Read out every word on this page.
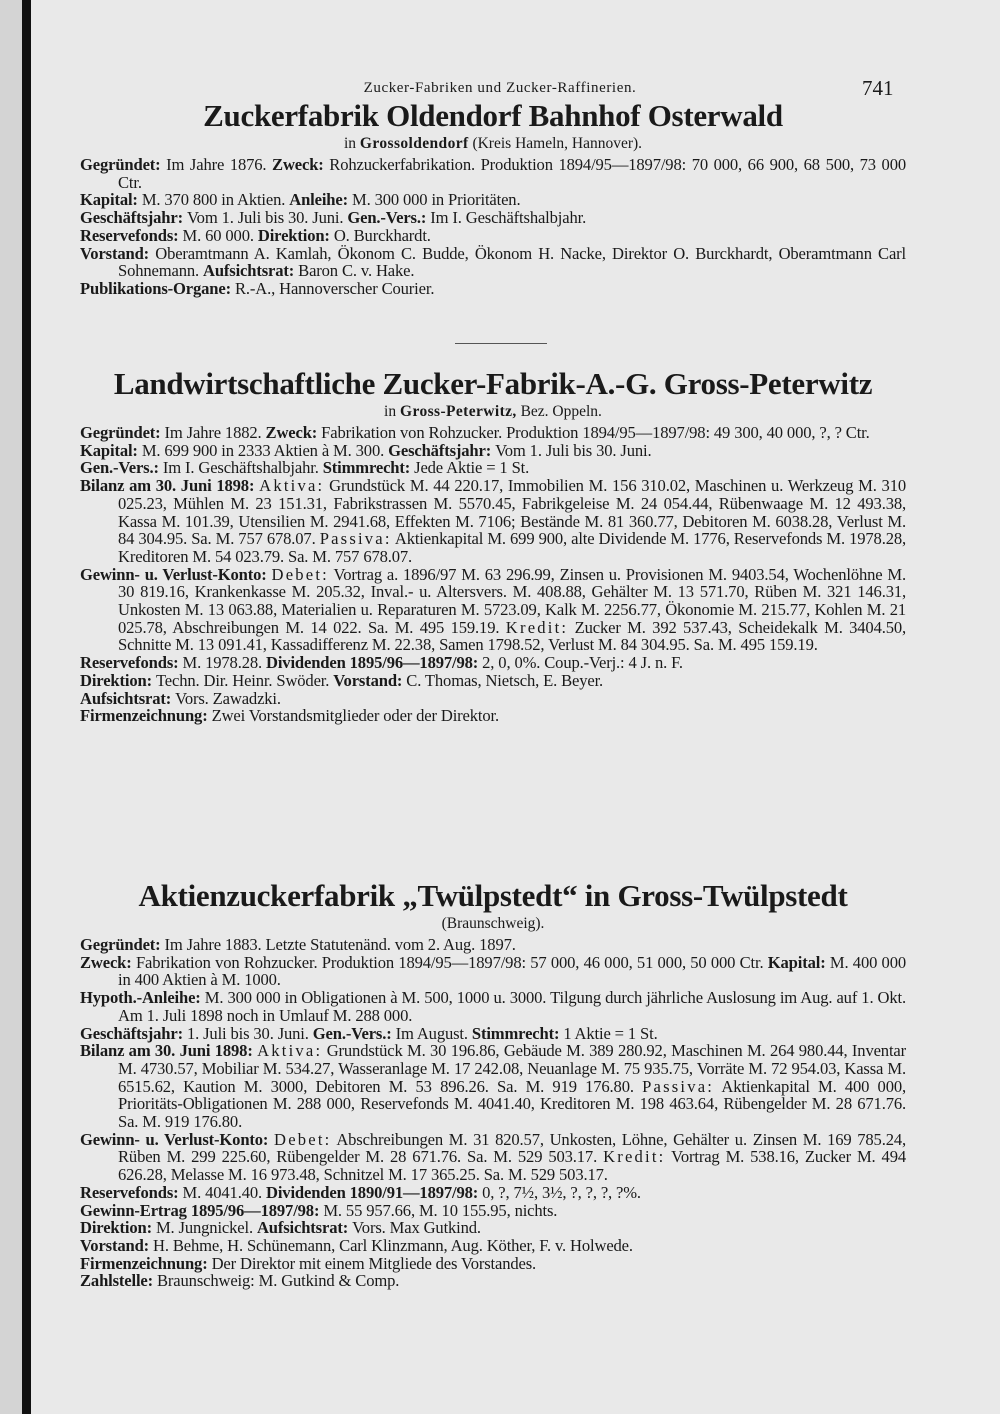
Zucker-Fabriken und Zucker-Raffinerien.	741
Zuckerfabrik Oldendorf Bahnhof Osterwald
in Grossoldendorf (Kreis Hameln, Hannover).
Gegründet: Im Jahre 1876. Zweck: Rohzuckerfabrikation. Produktion 1894/95—1897/98: 70 000, 66 900, 68 500, 73 000 Ctr.
Kapital: M. 370 800 in Aktien. Anleihe: M. 300 000 in Prioritäten.
Geschäftsjahr: Vom 1. Juli bis 30. Juni. Gen.-Vers.: Im I. Geschäftshalbjahr.
Reservefonds: M. 60 000. Direktion: O. Burckhardt.
Vorstand: Oberamtmann A. Kamlah, Ökonom C. Budde, Ökonom H. Nacke, Direktor O. Burckhardt, Oberamtmann Carl Sohnemann. Aufsichtsrat: Baron C. v. Hake.
Publikations-Organe: R.-A., Hannoverscher Courier.
Landwirtschaftliche Zucker-Fabrik-A.-G. Gross-Peterwitz
in Gross-Peterwitz, Bez. Oppeln.
Gegründet: Im Jahre 1882. Zweck: Fabrikation von Rohzucker. Produktion 1894/95—1897/98: 49 300, 40 000, ?, ? Ctr.
Kapital: M. 699 900 in 2333 Aktien à M. 300. Geschäftsjahr: Vom 1. Juli bis 30. Juni.
Gen.-Vers.: Im I. Geschäftshalbjahr. Stimmrecht: Jede Aktie = 1 St.
Bilanz am 30. Juni 1898: Aktiva: Grundstück M. 44 220.17, Immobilien M. 156 310.02, Maschinen u. Werkzeug M. 310 025.23, Mühlen M. 23 151.31, Fabrikstrassen M. 5570.45, Fabrikgeleise M. 24 054.44, Rübenwaage M. 12 493.38, Kassa M. 101.39, Utensilien M. 2941.68, Effekten M. 7106; Bestände M. 81 360.77, Debitoren M. 6038.28, Verlust M. 84 304.95. Sa. M. 757 678.07. Passiva: Aktienkapital M. 699 900, alte Dividende M. 1776, Reservefonds M. 1978.28, Kreditoren M. 54 023.79. Sa. M. 757 678.07.
Gewinn- u. Verlust-Konto: Debet: Vortrag a. 1896/97 M. 63 296.99, Zinsen u. Provisionen M. 9403.54, Wochenlöhne M. 30 819.16, Krankenkasse M. 205.32, Inval.- u. Altersvers. M. 408.88, Gehälter M. 13 571.70, Rüben M. 321 146.31, Unkosten M. 13 063.88, Materialien u. Reparaturen M. 5723.09, Kalk M. 2256.77, Ökonomie M. 215.77, Kohlen M. 21 025.78, Abschreibungen M. 14 022. Sa. M. 495 159.19. Kredit: Zucker M. 392 537.43, Scheidekalk M. 3404.50, Schnitte M. 13 091.41, Kassadifferenz M. 22.38, Samen 1798.52, Verlust M. 84 304.95. Sa. M. 495 159.19.
Reservefonds: M. 1978.28. Dividenden 1895/96—1897/98: 2, 0, 0%. Coup.-Verj.: 4 J. n. F.
Direktion: Techn. Dir. Heinr. Swöder. Vorstand: C. Thomas, Nietsch, E. Beyer.
Aufsichtsrat: Vors. Zawadzki.
Firmenzeichnung: Zwei Vorstandsmitglieder oder der Direktor.
Aktienzuckerfabrik „Twülpstedt“ in Gross-Twülpstedt
(Braunschweig).
Gegründet: Im Jahre 1883. Letzte Statutenänd. vom 2. Aug. 1897.
Zweck: Fabrikation von Rohzucker. Produktion 1894/95—1897/98: 57 000, 46 000, 51 000, 50 000 Ctr. Kapital: M. 400 000 in 400 Aktien à M. 1000.
Hypoth.-Anleihe: M. 300 000 in Obligationen à M. 500, 1000 u. 3000. Tilgung durch jährliche Auslosung im Aug. auf 1. Okt. Am 1. Juli 1898 noch in Umlauf M. 288 000.
Geschäftsjahr: 1. Juli bis 30. Juni. Gen.-Vers.: Im August. Stimmrecht: 1 Aktie = 1 St.
Bilanz am 30. Juni 1898: Aktiva: Grundstück M. 30 196.86, Gebäude M. 389 280.92, Maschinen M. 264 980.44, Inventar M. 4730.57, Mobiliar M. 534.27, Wasseranlage M. 17 242.08, Neuanlage M. 75 935.75, Vorräte M. 72 954.03, Kassa M. 6515.62, Kaution M. 3000, Debitoren M. 53 896.26. Sa. M. 919 176.80. Passiva: Aktienkapital M. 400 000, Prioritäts-Obligationen M. 288 000, Reservefonds M. 4041.40, Kreditoren M. 198 463.64, Rübengelder M. 28 671.76. Sa. M. 919 176.80.
Gewinn- u. Verlust-Konto: Debet: Abschreibungen M. 31 820.57, Unkosten, Löhne, Gehälter u. Zinsen M. 169 785.24, Rüben M. 299 225.60, Rübengelder M. 28 671.76. Sa. M. 529 503.17. Kredit: Vortrag M. 538.16, Zucker M. 494 626.28, Melasse M. 16 973.48, Schnitzel M. 17 365.25. Sa. M. 529 503.17.
Reservefonds: M. 4041.40. Dividenden 1890/91—1897/98: 0, ?, 7½, 3½, ?, ?, ?, ?%.
Gewinn-Ertrag 1895/96—1897/98: M. 55 957.66, M. 10 155.95, nichts.
Direktion: M. Jungnickel. Aufsichtsrat: Vors. Max Gutkind.
Vorstand: H. Behme, H. Schünemann, Carl Klinzmann, Aug. Köther, F. v. Holwede.
Firmenzeichnung: Der Direktor mit einem Mitgliede des Vorstandes.
Zahlstelle: Braunschweig: M. Gutkind & Comp.
